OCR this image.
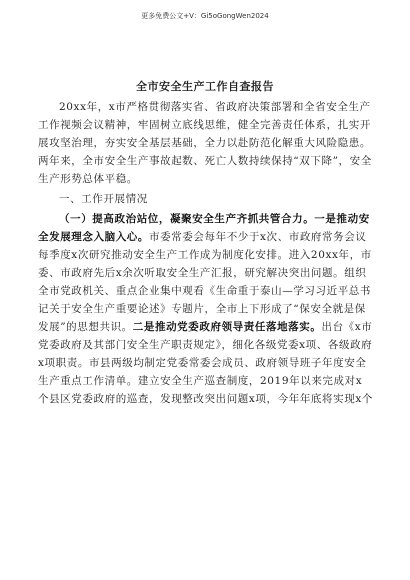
更多免费公文+V：Gi5oGongWen2024
全市安全生产工作自查报告

20xx年，x市严格贯彻落实省、省政府决策部署和全省安全生产工作视频会议精神，牢固树立底线思维，健全完善责任体系，扎实开展攻坚治理，夯实安全基层基础，全力以赴防范化解重大风险隐患。两年来，全市安全生产事故起数、死亡人数持续保持“双下降”，安全生产形势总体平稳。

一、工作开展情况

（一）提高政治站位，凝聚安全生产齐抓共管合力。一是推动安全发展理念入脑入心。市委常委会每年不少于x次、市政府常务会议每季度x次研究推动安全生产工作成为制度化安排。进入20xx年，市委、市政府先后x余次听取安全生产汇报，研究解决突出问题。组织全市党政机关、重点企业集中观看《生命重于泰山—学习习近平总书记关于安全生产重要论述》专题片，全市上下形成了“保安全就是保发展”的思想共识。二是推动党委政府领导责任落地落实。出台《x市党委政府及其部门安全生产职责规定》，细化各级党委x项、各级政府x项职责。市县两级均制定党委常委会成员、政府领导班子年度安全生产重点工作清单。建立安全生产巡查制度，2019年以来完成对x个县区党委政府的巡查，发现整改突出问题x项，今年年底将实现x个
